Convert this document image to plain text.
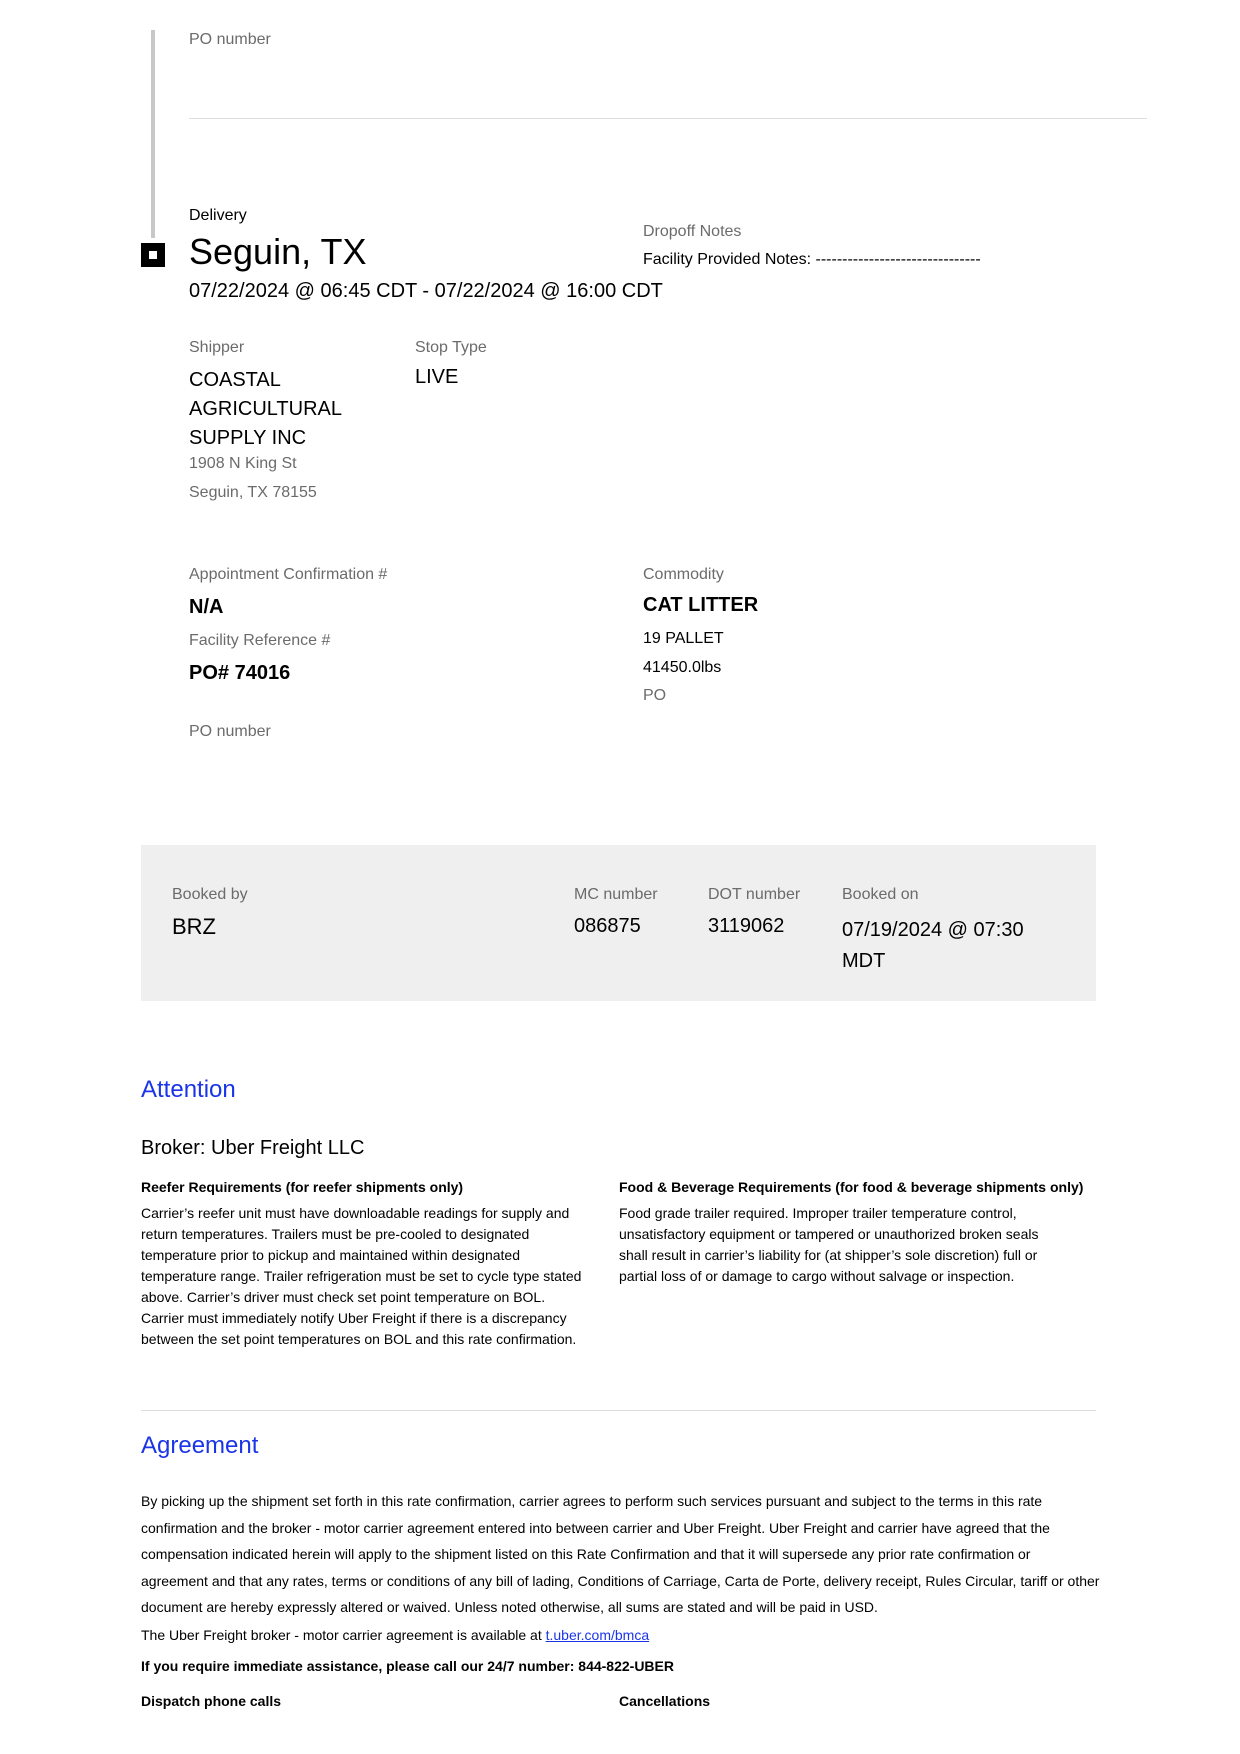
PO number
Delivery
Seguin, TX
07/22/2024 @ 06:45 CDT - 07/22/2024 @ 16:00 CDT
Dropoff Notes
Facility Provided Notes: -------------------------------
Shipper
COASTAL
AGRICULTURAL
SUPPLY INC
1908 N King St
Seguin, TX 78155
Stop Type
LIVE
Appointment Confirmation #
N/A
Facility Reference #
PO# 74016
PO number
Commodity
CAT LITTER
19 PALLET
41450.0lbs
PO
Booked by
BRZ
MC number
086875
DOT number
3119062
Booked on
07/19/2024 @ 07:30
MDT
Attention
Broker: Uber Freight LLC
Reefer Requirements (for reefer shipments only)
Carrier’s reefer unit must have downloadable readings for supply and return temperatures. Trailers must be pre-cooled to designated temperature prior to pickup and maintained within designated temperature range. Trailer refrigeration must be set to cycle type stated above. Carrier’s driver must check set point temperature on BOL. Carrier must immediately notify Uber Freight if there is a discrepancy between the set point temperatures on BOL and this rate confirmation.
Food & Beverage Requirements (for food & beverage shipments only)
Food grade trailer required. Improper trailer temperature control, unsatisfactory equipment or tampered or unauthorized broken seals shall result in carrier’s liability for (at shipper’s sole discretion) full or partial loss of or damage to cargo without salvage or inspection.
Agreement
By picking up the shipment set forth in this rate confirmation, carrier agrees to perform such services pursuant and subject to the terms in this rate confirmation and the broker - motor carrier agreement entered into between carrier and Uber Freight. Uber Freight and carrier have agreed that the compensation indicated herein will apply to the shipment listed on this Rate Confirmation and that it will supersede any prior rate confirmation or agreement and that any rates, terms or conditions of any bill of lading, Conditions of Carriage, Carta de Porte, delivery receipt, Rules Circular, tariff or other document are hereby expressly altered or waived. Unless noted otherwise, all sums are stated and will be paid in USD.
The Uber Freight broker - motor carrier agreement is available at t.uber.com/bmca
If you require immediate assistance, please call our 24/7 number: 844-822-UBER
Dispatch phone calls	Cancellations
